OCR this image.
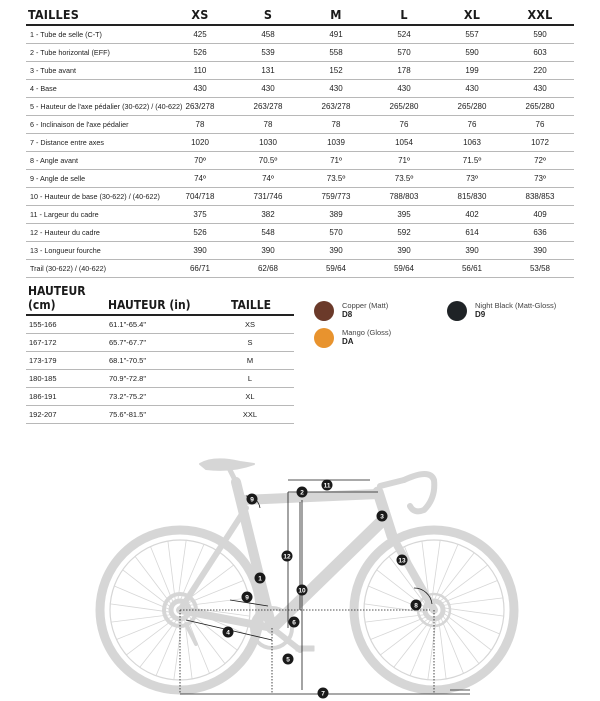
TAILLES	XS	S	M	L	XL	XXL
1 - Tube de selle (C-T)	425	458	491	524	557	590
2 - Tube horizontal (EFF)	526	539	558	570	590	603
3 - Tube avant	110	131	152	178	199	220
4 - Base	430	430	430	430	430	430
5 - Hauteur de l'axe pédalier (30-622) / (40-622)	263/278	263/278	263/278	265/280	265/280	265/280
6 - Inclinaison de l'axe pédalier	78	78	78	76	76	76
7 - Distance entre axes	1020	1030	1039	1054	1063	1072
8 - Angle avant	70º	70.5º	71º	71º	71.5º	72º
9 - Angle de selle	74º	74º	73.5º	73.5º	73º	73º
10 - Hauteur de base (30-622) / (40-622)	704/718	731/746	759/773	788/803	815/830	838/853
11 - Largeur du cadre	375	382	389	395	402	409
12 - Hauteur du cadre	526	548	570	592	614	636
13 - Longueur fourche	390	390	390	390	390	390
Trail (30-622) / (40-622)	66/71	62/68	59/64	59/64	56/61	53/58
HAUTEUR (cm)	HAUTEUR (in)	TAILLE
155-166	61.1"-65.4"	XS
167-172	65.7"-67.7"	S
173-179	68.1"-70.5"	M
180-185	70.9"-72.8"	L
186-191	73.2"-75.2"	XL
192-207	75.6"-81.5"	XXL
Copper (Matt)
D8
Mango (Gloss)
DA
Night Black (Matt-Gloss)
D9
1
2
3
4
5
6
7
8
9
10
11
12
13
9
